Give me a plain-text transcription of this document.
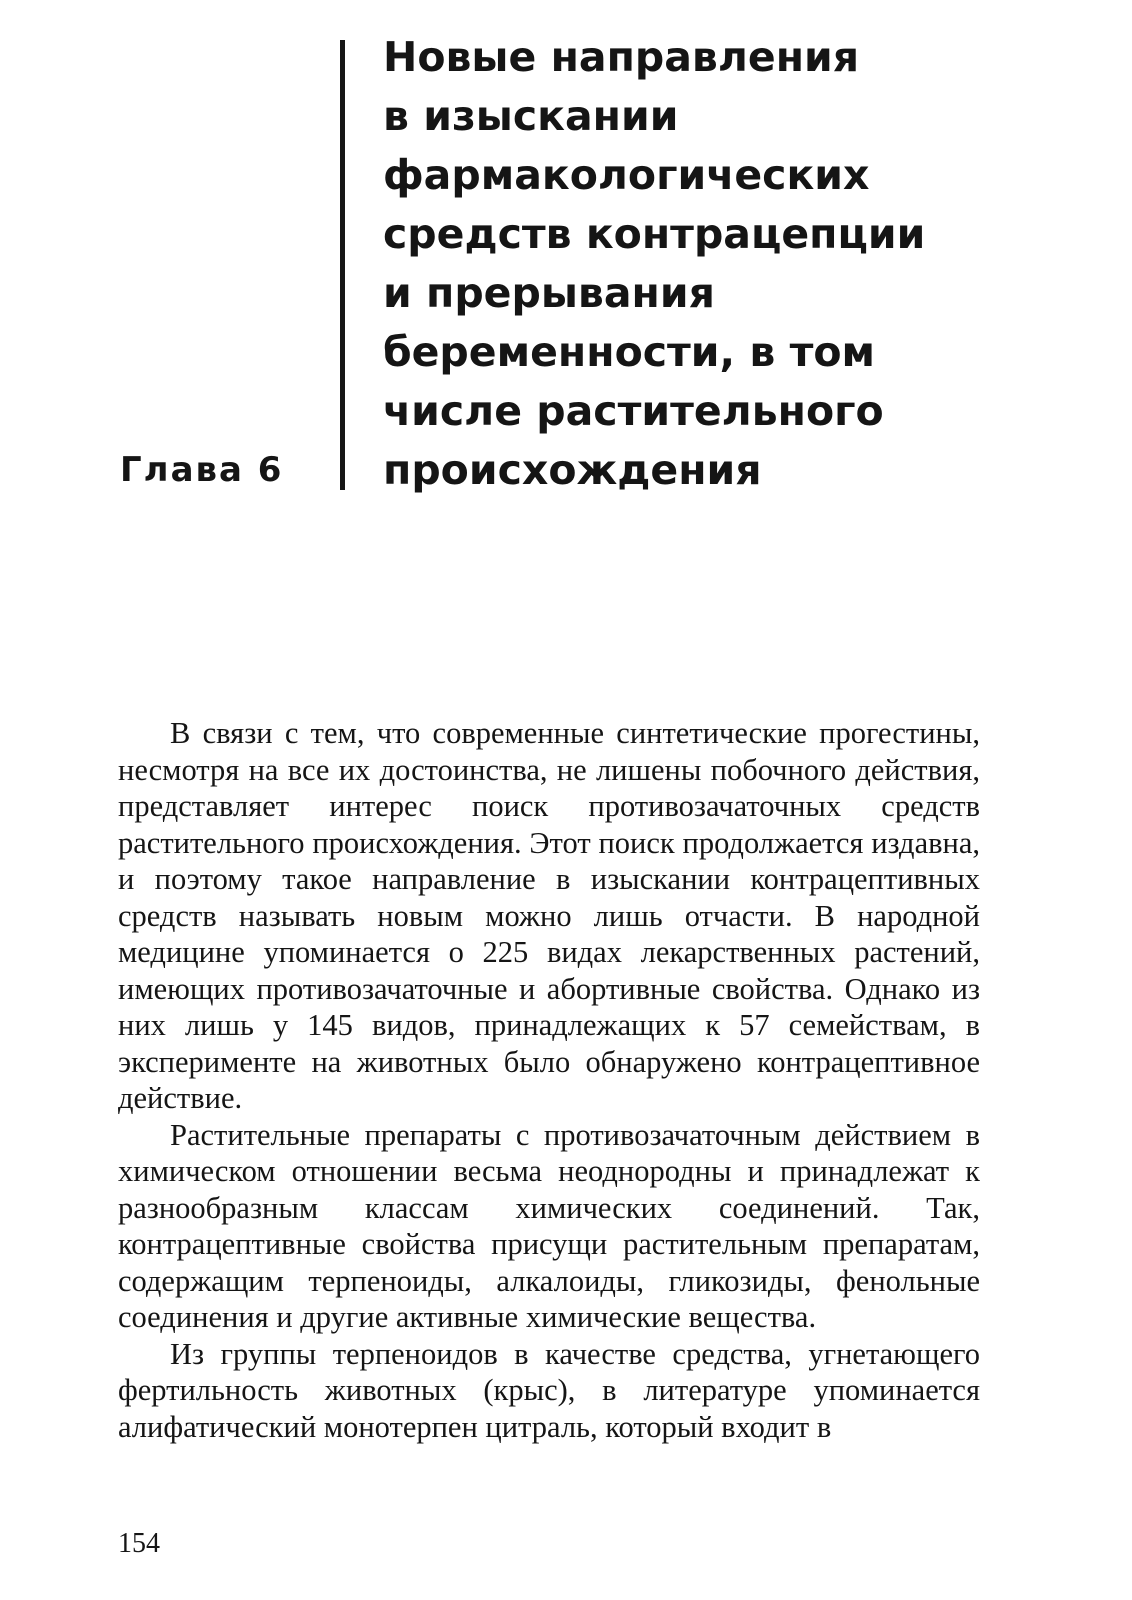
Глава 6
Новые направления
в изыскании
фармакологических
средств контрацепции
и прерывания
беременности, в том
числе растительного
происхождения

В связи с тем, что современные синтетические прогестины, несмотря на все их достоинства, не лишены побочного действия, представляет интерес поиск противозачаточных средств растительного происхождения. Этот поиск продолжается издавна, и поэтому такое направление в изыскании контрацептивных средств называть новым можно лишь отчасти. В народной медицине упоминается о 225 видах лекарственных растений, имеющих противозачаточные и абортивные свойства. Однако из них лишь у 145 видов, принадлежащих к 57 семействам, в эксперименте на животных было обнаружено контрацептивное действие.

Растительные препараты с противозачаточным действием в химическом отношении весьма неоднородны и принадлежат к разнообразным классам химических соединений. Так, контрацептивные свойства присущи растительным препаратам, содержащим терпеноиды, алкалоиды, гликозиды, фенольные соединения и другие активные химические вещества.

Из группы терпеноидов в качестве средства, угнетающего фертильность животных (крыс), в литературе упоминается алифатический монотерпен цитраль, который входит в

154
